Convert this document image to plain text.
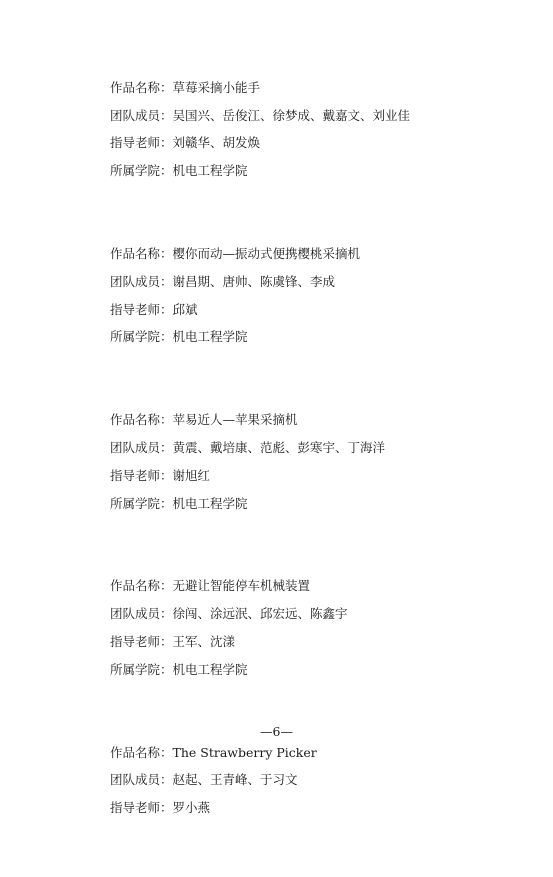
作品名称： 草莓采摘小能手
团队成员： 吴国兴、岳俊江、徐梦成、戴嘉文、刘业佳
指导老师： 刘赣华、胡发焕
所属学院： 机电工程学院
作品名称： 樱你而动—振动式便携樱桃采摘机
团队成员： 谢昌期、唐帅、陈虞锋、李成
指导老师： 邱斌
所属学院： 机电工程学院
作品名称： 苹易近人—苹果采摘机
团队成员： 黄震、戴培康、范彪、彭寒宇、丁海洋
指导老师： 谢旭红
所属学院： 机电工程学院
作品名称： 无避让智能停车机械装置
团队成员： 徐闯、涂远泯、邱宏远、陈鑫宇
指导老师： 王军、沈漾
所属学院： 机电工程学院
作品名称： The Strawberry Picker
团队成员： 赵起、王青峰、于习文
指导老师： 罗小燕
—6—
